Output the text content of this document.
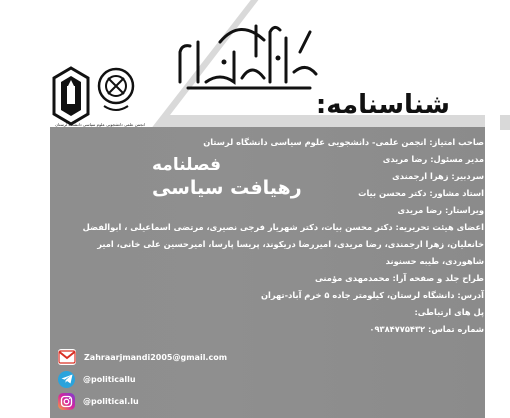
انجمن علمی دانشجویی علوم سیاسی دانشگاه لرستان
شناسنامه:
فصلنامه
رهیافت سیاسی
صاحب امتیاز: انجمن علمی- دانشجویی علوم سیاسی دانشگاه لرستان
مدیر مسئول: رضا مریدی
سردبیر: زهرا ارجمندی
استاد مشاور: دکتر محسن بیات
ویراستار: رضا مریدی
اعضای هیئت تحریریه: دکتر محسن بیات، دکتر شهریار فرجی نصیری، مرتضی اسماعیلی ، ابوالفضل
خانعلیان، زهرا ارجمندی، رضا مریدی، امیررضا دریکوند، پریسا پارسا، امیرحسین علی خانی، امیر
شاهوردی، طیبه حسنوند
طراح جلد و صفحه آرا: محمدمهدی مؤمنی
آدرس: دانشگاه لرستان، کیلومتر جاده ۵ خرم آباد-تهران
پل های ارتباطی:
شماره تماس: ۰۹۳۸۴۷۷۵۴۳۲
Zahraarjmandi2005@gmail.com
@politicallu
@political.lu
